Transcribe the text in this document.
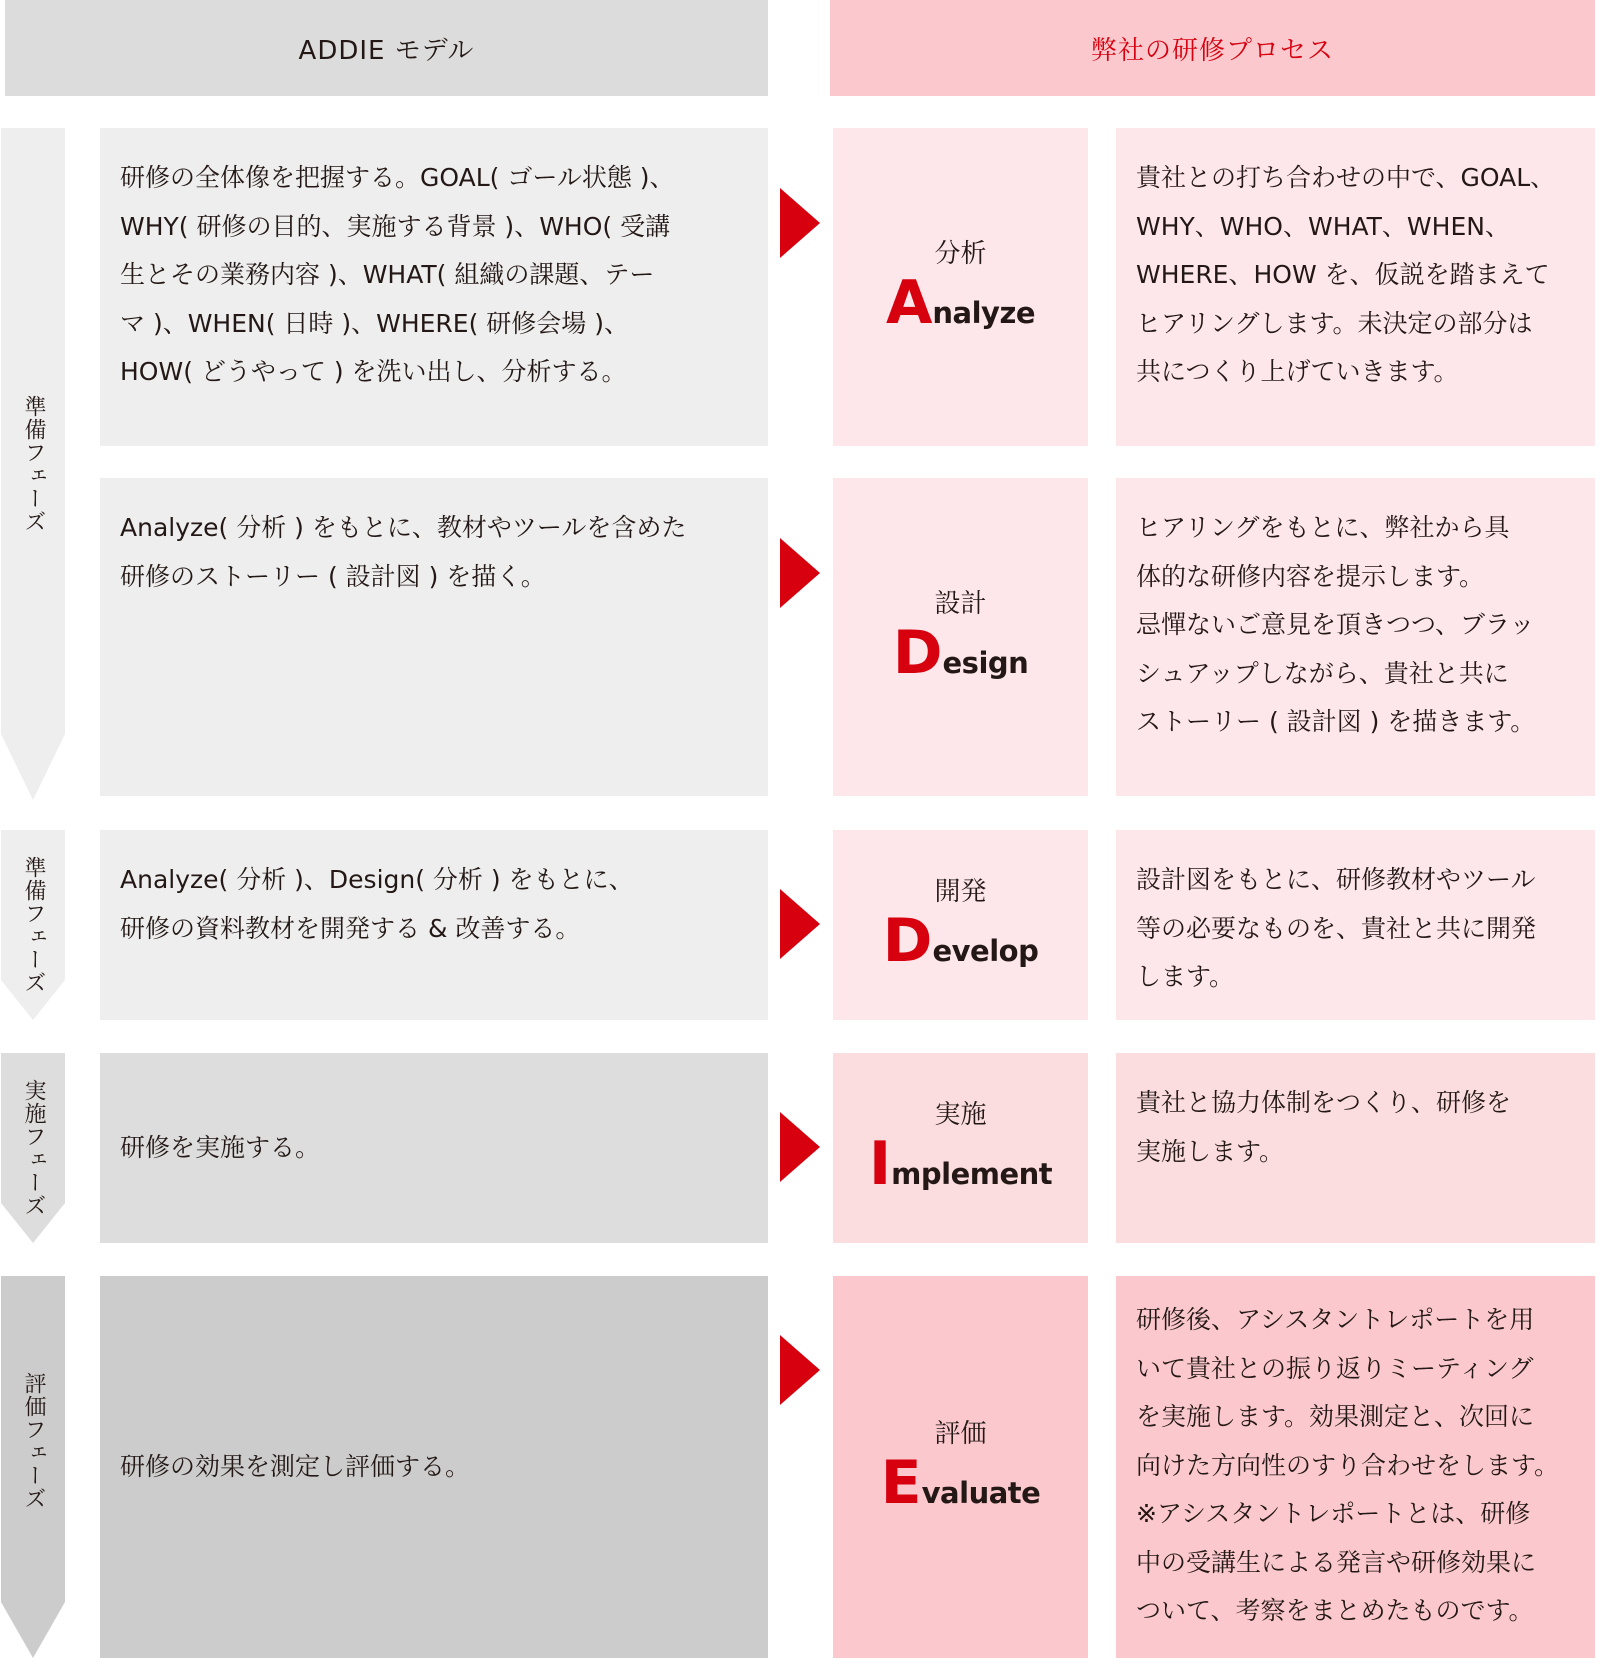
ADDIE モデル	弊社の研修プロセス
準備フェーズ
準備フェーズ
実施フェーズ
評価フェーズ
研修の全体像を把握する。GOAL( ゴール状態 )、
WHY( 研修の目的、実施する背景 )、WHO( 受講
生とその業務内容 )、WHAT( 組織の課題、テー
マ )、WHEN( 日時 )、WHERE( 研修会場 )、
HOW( どうやって ) を洗い出し、分析する。
分析
A nalyze
貴社との打ち合わせの中で、GOAL、
WHY、WHO、WHAT、WHEN、
WHERE、HOW を、仮説を踏まえて
ヒアリングします。未決定の部分は
共につくり上げていきます。
Analyze( 分析 ) をもとに、教材やツールを含めた
研修のストーリー ( 設計図 ) を描く。
設計
D esign
ヒアリングをもとに、弊社から具
体的な研修内容を提示します。
忌憚ないご意見を頂きつつ、ブラッ
シュアップしながら、貴社と共に
ストーリー ( 設計図 ) を描きます。
Analyze( 分析 )、Design( 分析 ) をもとに、
研修の資料教材を開発する & 改善する。
開発
D evelop
設計図をもとに、研修教材やツール
等の必要なものを、貴社と共に開発
します。
研修を実施する。
実施
I mplement
貴社と協力体制をつくり、研修を
実施します。
研修の効果を測定し評価する。
評価
E valuate
研修後、アシスタントレポートを用
いて貴社との振り返りミーティング
を実施します。効果測定と、次回に
向けた方向性のすり合わせをします。
※アシスタントレポートとは、研修
中の受講生による発言や研修効果に
ついて、考察をまとめたものです。
